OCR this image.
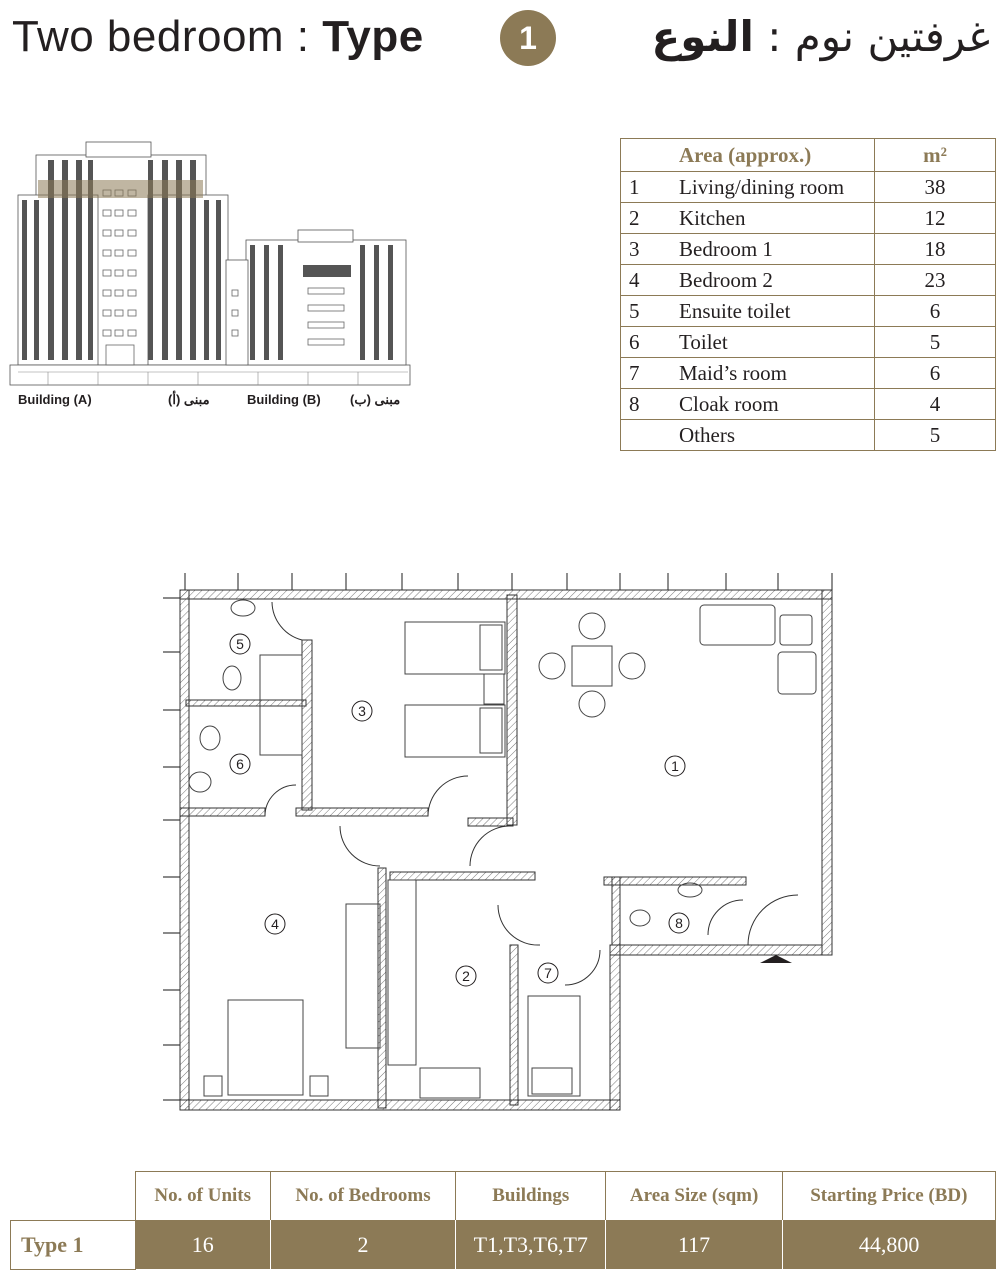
Two bedroom : Type	1	غرفتين نوم : النوع
Building (A)	مبنى (أ)	Building (B) مبنى (ب)
	Area (approx.)	m²
1	Living/dining room	38
2	Kitchen	12
3	Bedroom 1	18
4	Bedroom 2	23
5	Ensuite toilet	6
6	Toilet	5
7	Maid’s room	6
8	Cloak room	4
	Others	5
1
2
3
4
5
6
7
8
	No. of Units	No. of Bedrooms	Buildings	Area Size (sqm)	Starting Price (BD)
Type 1	16	2	T1,T3,T6,T7	117	44,800
